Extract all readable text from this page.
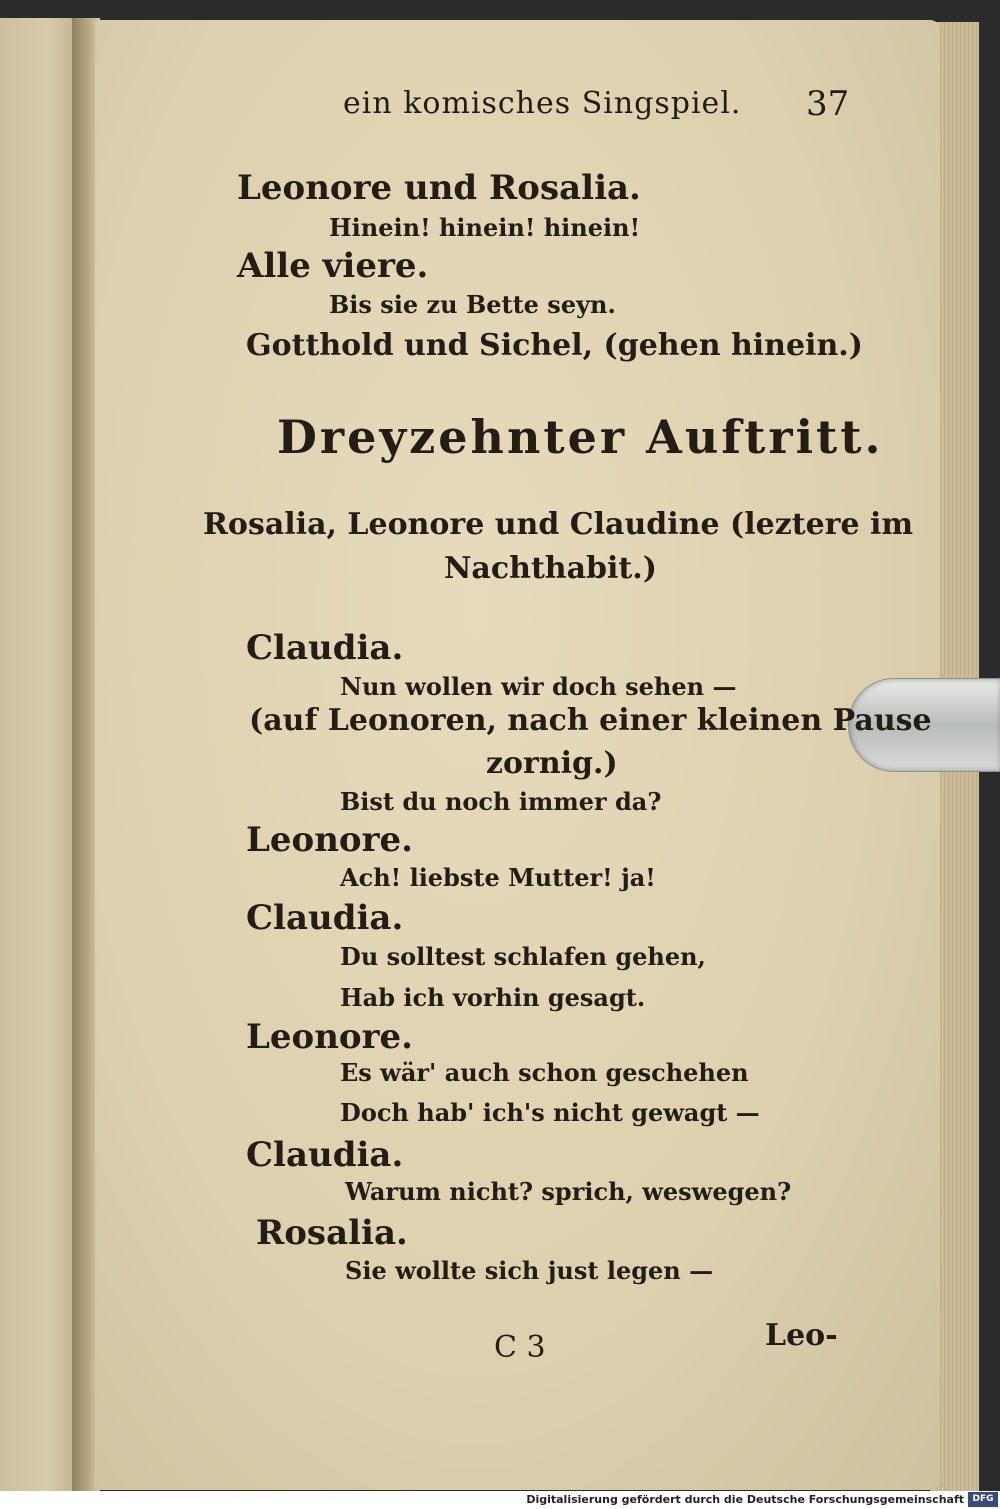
ein komisches Singspiel. 37
Leonore und Rosalia.
Hinein! hinein! hinein!
Alle viere.
Bis sie zu Bette seyn.
Gotthold und Sichel, (gehen hinein.)
Dreyzehnter Auftritt.
Rosalia, Leonore und Claudine (leztere im
Nachthabit.)
Claudia.
Nun wollen wir doch sehen —
(auf Leonoren, nach einer kleinen Pause
zornig.)
Bist du noch immer da?
Leonore.
Ach! liebste Mutter! ja!
Claudia.
Du solltest schlafen gehen,
Hab ich vorhin gesagt.
Leonore.
Es wär' auch schon geschehen
Doch hab' ich's nicht gewagt —
Claudia.
Warum nicht? sprich, weswegen?
Rosalia.
Sie wollte sich just legen —
C 3	Leo-
Digitalisierung gefördert durch die Deutsche Forschungsgemeinschaft DFG
